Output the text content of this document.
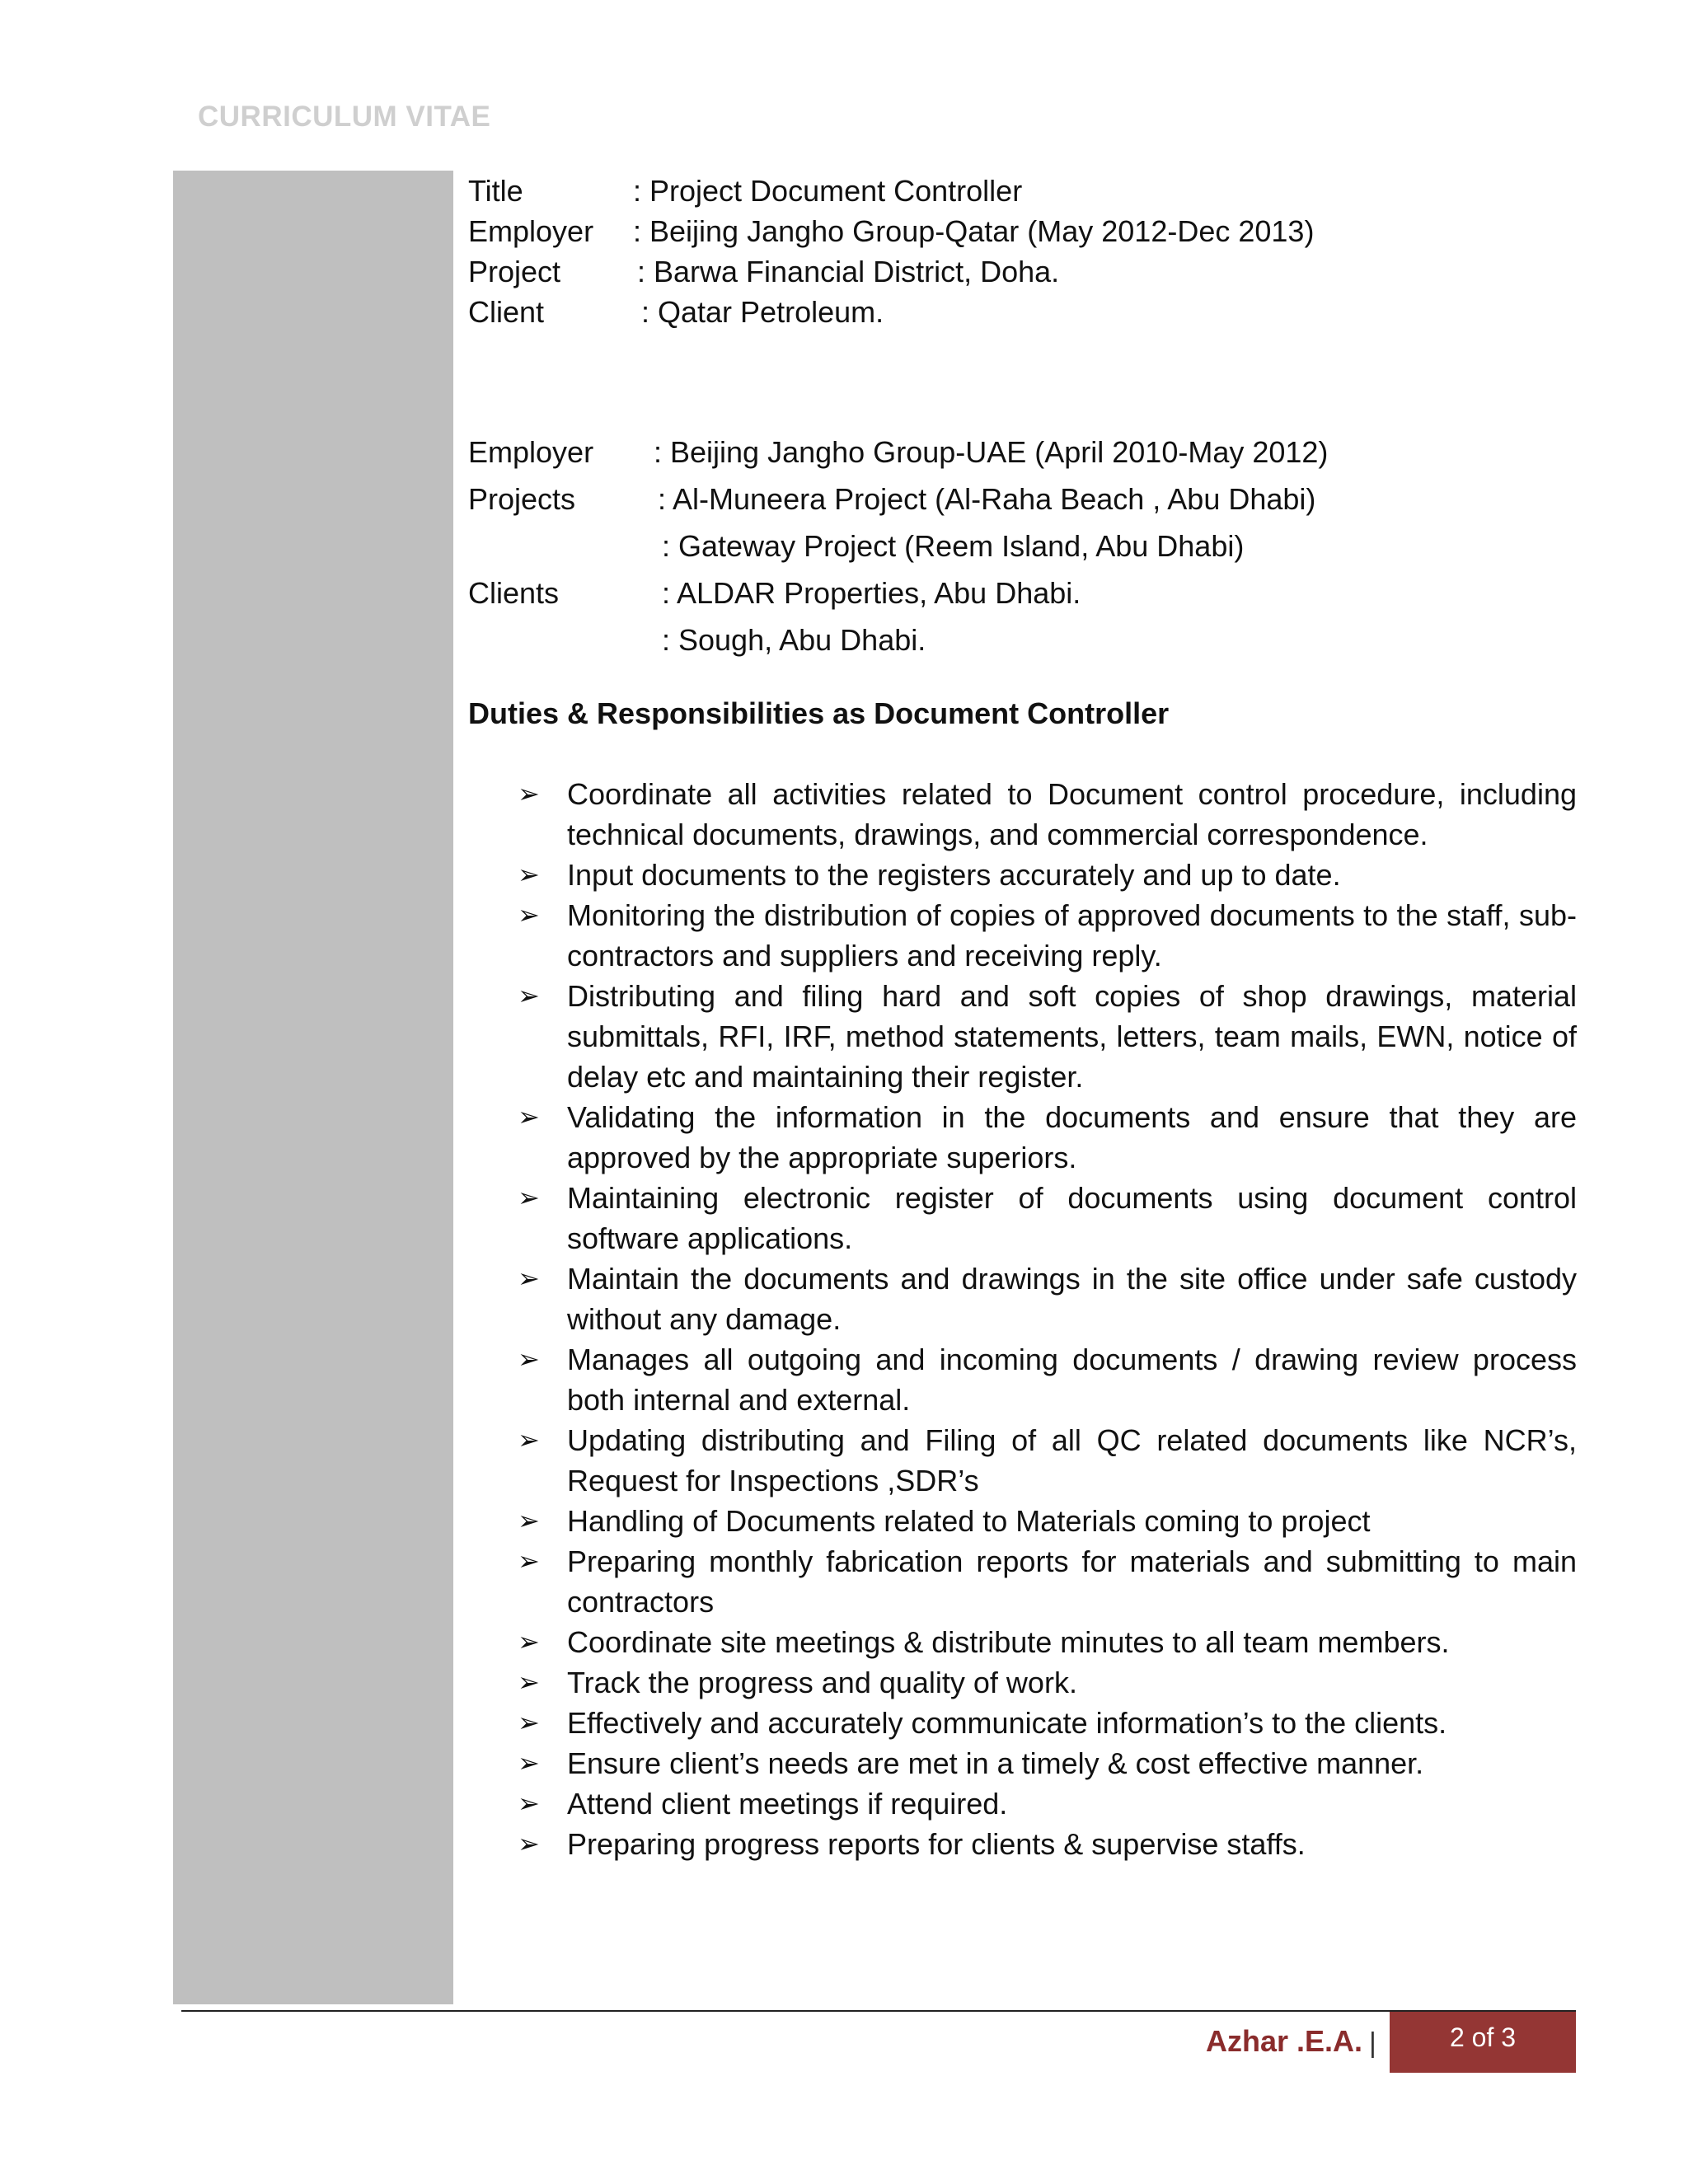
CURRICULUM VITAE
Title	: Project Document Controller
Employer : Beijing Jangho Group-Qatar (May 2012-Dec 2013)
Project	: Barwa Financial District, Doha.
Client	: Qatar Petroleum.
Employer : Beijing Jangho Group-UAE (April 2010-May 2012)
Projects	: Al-Muneera Project (Al-Raha Beach , Abu Dhabi)
: Gateway Project (Reem Island, Abu Dhabi)
Clients	: ALDAR Properties, Abu Dhabi.
: Sough, Abu Dhabi.
Duties & Responsibilities as Document Controller
➢ Coordinate all activities related to Document control procedure, including technical documents, drawings, and commercial correspondence.
➢ Input documents to the registers accurately and up to date.
➢ Monitoring the distribution of copies of approved documents to the staff, sub-contractors and suppliers and receiving reply.
➢ Distributing and filing hard and soft copies of shop drawings, material submittals, RFI, IRF, method statements, letters, team mails, EWN, notice of delay etc and maintaining their register.
➢ Validating the information in the documents and ensure that they are approved by the appropriate superiors.
➢ Maintaining electronic register of documents using document control software applications.
➢ Maintain the documents and drawings in the site office under safe custody without any damage.
➢ Manages all outgoing and incoming documents / drawing review process both internal and external.
➢ Updating distributing and Filing of all QC related documents like NCR’s, Request for Inspections ,SDR’s
➢ Handling of Documents related to Materials coming to project
➢ Preparing monthly fabrication reports for materials and submitting to main contractors
➢ Coordinate site meetings & distribute minutes to all team members.
➢ Track the progress and quality of work.
➢ Effectively and accurately communicate information’s to the clients.
➢ Ensure client’s needs are met in a timely & cost effective manner.
➢ Attend client meetings if required.
➢ Preparing progress reports for clients & supervise staffs.
Azhar .E.A. |	2 of 3
